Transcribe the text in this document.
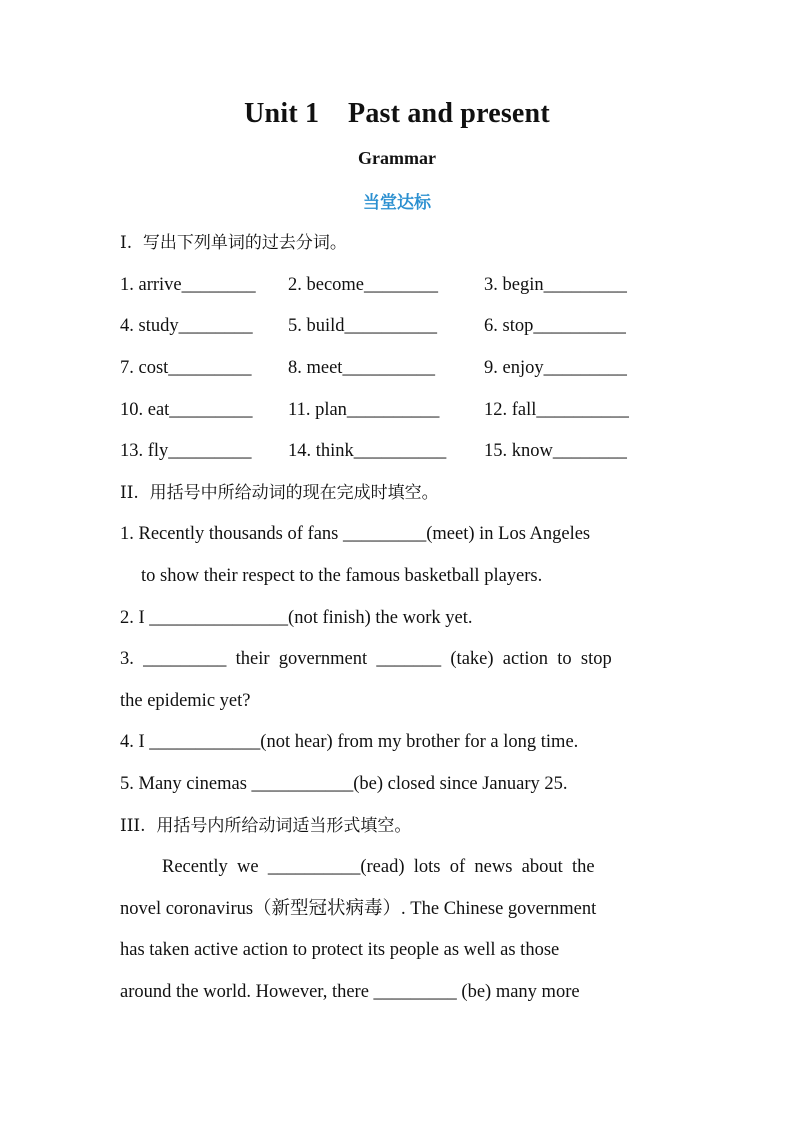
Unit 1    Past and present
Grammar
当堂达标
I.  写出下列单词的过去分词。
1. arrive________ 2. become________ 3. begin_________
4. study________ 5. build__________	6. stop__________
7. cost_________ 8. meet__________	9. enjoy_________
10. eat_________ 11. plan__________ 12. fall__________
13. fly_________ 14. think__________ 15. know________
II.  用括号中所给动词的现在完成时填空。
1. Recently thousands of fans _________(meet) in Los Angeles
to show their respect to the famous basketball players.
2. I _______________(not finish) the work yet.
3.  _________  their  government  _______  (take)  action  to  stop
the epidemic yet?
4. I ____________(not hear) from my brother for a long time.
5. Many cinemas ___________(be) closed since January 25.
III.  用括号内所给动词适当形式填空。
Recently  we  __________(read)  lots  of  news  about  the
novel coronavirus（新型冠状病毒）. The Chinese government
has taken active action to protect its people as well as those
around the world. However, there _________ (be) many more
